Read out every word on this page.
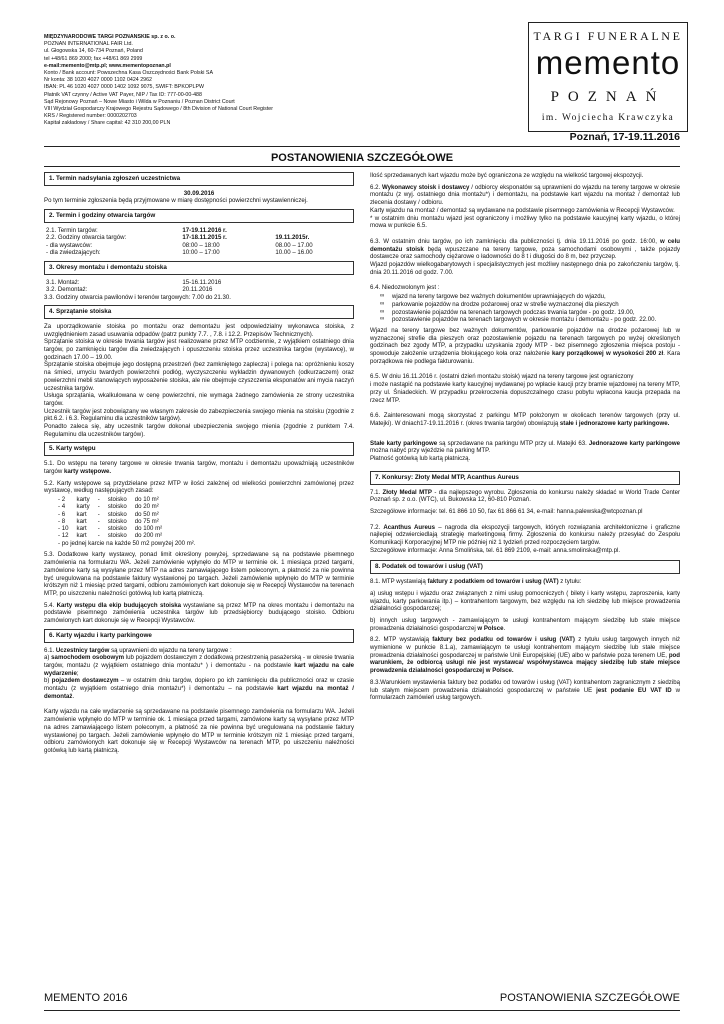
MIĘDZYNARODOWE TARGI POZNAŃSKIE sp. z o. o.
POZNAŃ INTERNATIONAL FAIR Ltd.
ul. Głogowska 14, 60-734 Poznań, Poland
tel +48/61 869 2000; fax +48/61 869 2999
e-mail:memento@mtp.pl; www.mementopoznan.pl
Konto / Bank account: Powszechna Kasa Oszczędności Bank Polski SA
Nr konta: 38 1020 4027 0000 1102 0424 2962
IBAN: PL 46 1020 4027 0000 1402 1092 9075, SWIFT: BPKOPLPW
Płatnik VAT czynny / Active VAT Payer, NIP / Tax ID: 777-00-00-488
Sąd Rejonowy Poznań – Nowe Miasto i Wilda w Poznaniu / Poznan District Court
VIII Wydział Gospodarczy Krajowego Rejestru Sądowego / 8th Division of National Court Register
KRS / Registered number: 0000202703
Kapitał zakładowy / Share capital: 42 310 200,00 PLN
TARGI FUNERALNE
memento
POZNAŃ
im. Wojciecha Krawczyka
Poznań, 17-19.11.2016
POSTANOWIENIA SZCZEGÓŁOWE
1. Termin nadsyłania zgłoszeń uczestnictwa
30.09.2016
Po tym terminie zgłoszenia będą przyjmowane w miarę dostępności powierzchni wystawienniczej.
2. Termin i godziny otwarcia targów
2.1. Termin targów:	17-19.11.2016 r.	
2.2. Godziny otwarcia targów:	17-18.11.2015 r.	19.11.2015r.
- dla wystawców:	08:00 – 18:00	08.00 – 17.00
- dla zwiedzających:	10:00 – 17:00	10.00 – 16.00
3. Okresy montażu i demontażu stoiska
3.1. Montaż:	15-16.11.2016
3.2. Demontaż:	20.11.2016
3.3. Godziny otwarcia pawilonów i terenów targowych: 7.00 do 21.30.
4. Sprzątanie stoiska
Za uporządkowanie stoiska po montażu oraz demontażu jest odpowiedzialny wykonawca stoiska, z uwzględnieniem zasad usuwania odpadów (patrz punkty 7.7. , 7.8. i 12.2. Przepisów Technicznych).
Sprzątanie stoiska w okresie trwania targów jest realizowane przez MTP codziennie, z wyjątkiem ostatniego dnia targów, po zamknięciu targów dla zwiedzających i opuszczeniu stoiska przez uczestnika targów (wystawcę), w godzinach 17.00 – 19.00.
Sprzątanie stoiska obejmuje jego dostępną przestrzeń (bez zamkniętego zaplecza) i polega na: opróżnieniu koszy na śmieci, umyciu twardych powierzchni podłóg, wyczyszczeniu wykładzin dywanowych (odkurzaczem) oraz powierzchni mebli stanowiących wyposażenie stoiska, ale nie obejmuje czyszczenia eksponatów ani mycia naczyń uczestnika targów.
Usługa sprzątania, wkalkulowana w cenę powierzchni, nie wymaga żadnego zamówienia ze strony uczestnika targów.
Uczestnik targów jest zobowiązany we własnym zakresie do zabezpieczenia swojego mienia na stoisku (zgodnie z pkt.6.2. i 6.3. Regulaminu dla uczestników targów).
Ponadto zaleca się, aby uczestnik targów dokonał ubezpieczenia swojego mienia (zgodnie z punktem 7.4. Regulaminu dla uczestników targów).
5. Karty wstępu
5.1. Do wstępu na tereny targowe w okresie trwania targów, montażu i demontażu upoważniają uczestników targów karty wstępowe.
5.2. Karty wstępowe są przydzielane przez MTP w ilości zależnej od wielkości powierzchni zamówionej przez wystawcę, według następujących zasad:
- 2	karty	-	stoisko	do 10 m²
- 4	karty	-	stoisko	do 20 m²
- 6	kart	-	stoisko	do 50 m²
- 8	kart	-	stoisko	do 75 m²
- 10	kart	-	stoisko	do 100 m²
- 12	kart	-	stoisko	do 200 m²
- po jednej karcie na każde 50 m2 powyżej 200 m².
5.3. Dodatkowe karty wystawcy, ponad limit określony powyżej, sprzedawane są na podstawie pisemnego zamówienia na formularzu WA. Jeżeli zamówienie wpłynęło do MTP w terminie ok. 1 miesiąca przed targami, zamówione karty są wysyłane przez MTP na adres zamawiającego listem poleconym, a płatność za nie powinna być uregulowana na podstawie faktury wystawionej po targach. Jeżeli zamówienie wpłynęło do MTP w terminie krótszym niż 1 miesiąc przed targami, odbioru zamówionych kart dokonuje się w Recepcji Wystawców na terenach MTP, po uiszczeniu należności gotówką lub kartą płatniczą.
5.4. Karty wstępu dla ekip budujących stoiska wystawiane są przez MTP na okres montażu i demontażu na podstawie pisemnego zamówienia uczestnika targów lub przedsiębiorcy budującego stoisko. Odbioru zamówionych kart dokonuje się w Recepcji Wystawców.
6. Karty wjazdu i karty parkingowe
6.1. Uczestnicy targów są uprawnieni do wjazdu na tereny targowe :
a) samochodem osobowym lub pojazdem dostawczym z dodatkową przestrzenią pasażerską - w okresie trwania targów, montażu (z wyjątkiem ostatniego dnia montażu* ) i demontażu - na podstawie kart wjazdu na całe wydarzenie;
b) pojazdem dostawczym – w ostatnim dniu targów, dopiero po ich zamknięciu dla publiczności oraz w czasie montażu (z wyjątkiem ostatniego dnia montażu*) i demontażu – na podstawie kart wjazdu na montaż / demontaż.
Karty wjazdu na całe wydarzenie są sprzedawane na podstawie pisemnego zamówienia na formularzu WA. Jeżeli zamówienie wpłynęło do MTP w terminie ok. 1 miesiąca przed targami, zamówione karty są wysyłane przez MTP na adres zamawiającego listem poleconym, a płatność za nie powinna być uregulowana na podstawie faktury wystawionej po targach. Jeżeli zamówienie wpłynęło do MTP w terminie krótszym niż 1 miesiąc przed targami, odbioru zamówionych kart dokonuje się w Recepcji Wystawców na terenach MTP, po uiszczeniu należności gotówką lub kartą płatniczą.
Ilość sprzedawanych kart wjazdu może być ograniczona ze względu na wielkość targowej ekspozycji.
6.2. Wykonawcy stoisk i dostawcy / odbiorcy eksponatów są uprawnieni do wjazdu na tereny targowe w okresie montażu (z wyj. ostatniego dnia montażu*) i demontażu, na podstawie kart wjazdu na montaż / demontaż lub zlecenia dostawy / odbioru.
Karty wjazdu na montaż / demontaż są wydawane na podstawie pisemnego zamówienia w Recepcji Wystawców.
* w ostatnim dniu montażu wjazd jest ograniczony i możliwy tylko na podstawie kaucyjnej karty wjazdu, o której mowa w punkcie 6.5.
6.3. W ostatnim dniu targów, po ich zamknięciu dla publiczności tj. dnia 19.11.2016 po godz. 16:00, w celu demontażu stoisk będą wpuszczane na tereny targowe, poza samochodami osobowymi , także pojazdy dostawcze oraz samochody ciężarowe o ładowności do 8 t i długości do 8 m, bez przyczep.
Wjazd pojazdów wielkogabarytowych i specjalistycznych jest możliwy następnego dnia po zakończeniu targów, tj. dnia 20.11.2016 od godz. 7.00.
6.4. Niedozwolonym jest :
∞ wjazd na tereny targowe bez ważnych dokumentów uprawniających do wjazdu,
∞ parkowanie pojazdów na drodze pożarowej oraz w strefie wyznaczonej dla pieszych
∞ pozostawienie pojazdów na terenach targowych podczas trwania targów - po godz. 19.00,
∞ pozostawienie pojazdów na terenach targowych w okresie montażu i demontażu - po godz. 22.00.
Wjazd na tereny targowe bez ważnych dokumentów, parkowanie pojazdów na drodze pożarowej lub w wyznaczonej strefie dla pieszych oraz pozostawienie pojazdu na terenach targowych po wyżej określonych godzinach bez zgody MTP, a przypadku uzyskania zgody MTP - bez pisemnego zgłoszenia miejsca postoju - spowoduje założenie urządzenia blokującego koła oraz nałożenie kary porządkowej w wysokości 200 zł. Kara porządkowa nie podlega fakturowaniu.
6.5. W dniu 16.11.2016 r. (ostatni dzień montażu stoisk) wjazd na tereny targowe jest ograniczony
i może nastąpić na podstawie karty kaucyjnej wydawanej po wpłacie kaucji przy bramie wjazdowej na tereny MTP, przy ul. Śniadeckich. W przypadku przekroczenia dopuszczalnego czasu pobytu wpłacona kaucja przepada na rzecz MTP.
6.6. Zainteresowani mogą skorzystać z parkingu MTP położonym w okolicach terenów targowych (przy ul. Matejki). W dniach17-19.11.2016 r. (okres trwania targów) obowiązują stałe i jednorazowe karty parkingowe.
Stałe karty parkingowe są sprzedawane na parkingu MTP przy ul. Matejki 63. Jednorazowe karty parkingowe można nabyć przy wjeździe na parking MTP.
Płatność gotówką lub kartą płatniczą.
7. Konkursy: Złoty Medal MTP, Acanthus Aureus
7.1. Złoty Medal MTP - dla najlepszego wyrobu. Zgłoszenia do konkursu należy składać w World Trade Center Poznań sp. z o.o. (WTC), ul. Bukowska 12, 60-810 Poznań.
Szczegółowe informacje: tel. 61 866 10 50, fax 61 866 61 34, e-mail: hanna.palewska@wtcpoznan.pl
7.2. Acanthus Aureus – nagroda dla ekspozycji targowych, których rozwiązania architektoniczne i graficzne najlepiej odzwierciedlają strategię marketingową firmy. Zgłoszenia do konkursu należy przesyłać do Zespołu Komunikacji Korporacyjnej MTP nie później niż 1 tydzień przed rozpoczęciem targów.
Szczegółowe informacje: Anna Smolińska, tel. 61 869 2109, e-mail: anna.smolinska@mtp.pl.
8. Podatek od towarów i usług (VAT)
8.1. MTP wystawiają faktury z podatkiem od towarów i usług (VAT) z tytułu:
a) usług wstępu i wjazdu oraz związanych z nimi usług pomocniczych ( bilety i karty wstępu, zaproszenia, karty wjazdu, karty parkowania itp.) – kontrahentom targowym, bez względu na ich siedzibę lub miejsce prowadzenia działalności gospodarczej;
b) innych usług targowych - zamawiającym te usługi kontrahentom mającym siedzibę lub stałe miejsce prowadzenia działalności gospodarczej w Polsce.
8.2. MTP wystawiają faktury bez podatku od towarów i usług (VAT) z tytułu usług targowych innych niż wymienione w punkcie 8.1.a), zamawiającym te usługi kontrahentom mającym siedzibę lub stałe miejsce prowadzenia działalności gospodarczej w państwie Unii Europejskiej (UE) albo w państwie poza terenem UE, pod warunkiem, że odbiorcą usługi nie jest wystawca/ współwystawca mający siedzibę lub stałe miejsce prowadzenia działalności gospodarczej w Polsce.
8.3.Warunkiem wystawienia faktury bez podatku od towarów i usług (VAT) kontrahentom zagranicznym z siedzibą lub stałym miejscem prowadzenia działalności gospodarczej w państwie UE jest podanie EU VAT ID w formularzach zamówień usług targowych.
MEMENTO 2016	POSTANOWIENIA SZCZEGÓŁOWE
